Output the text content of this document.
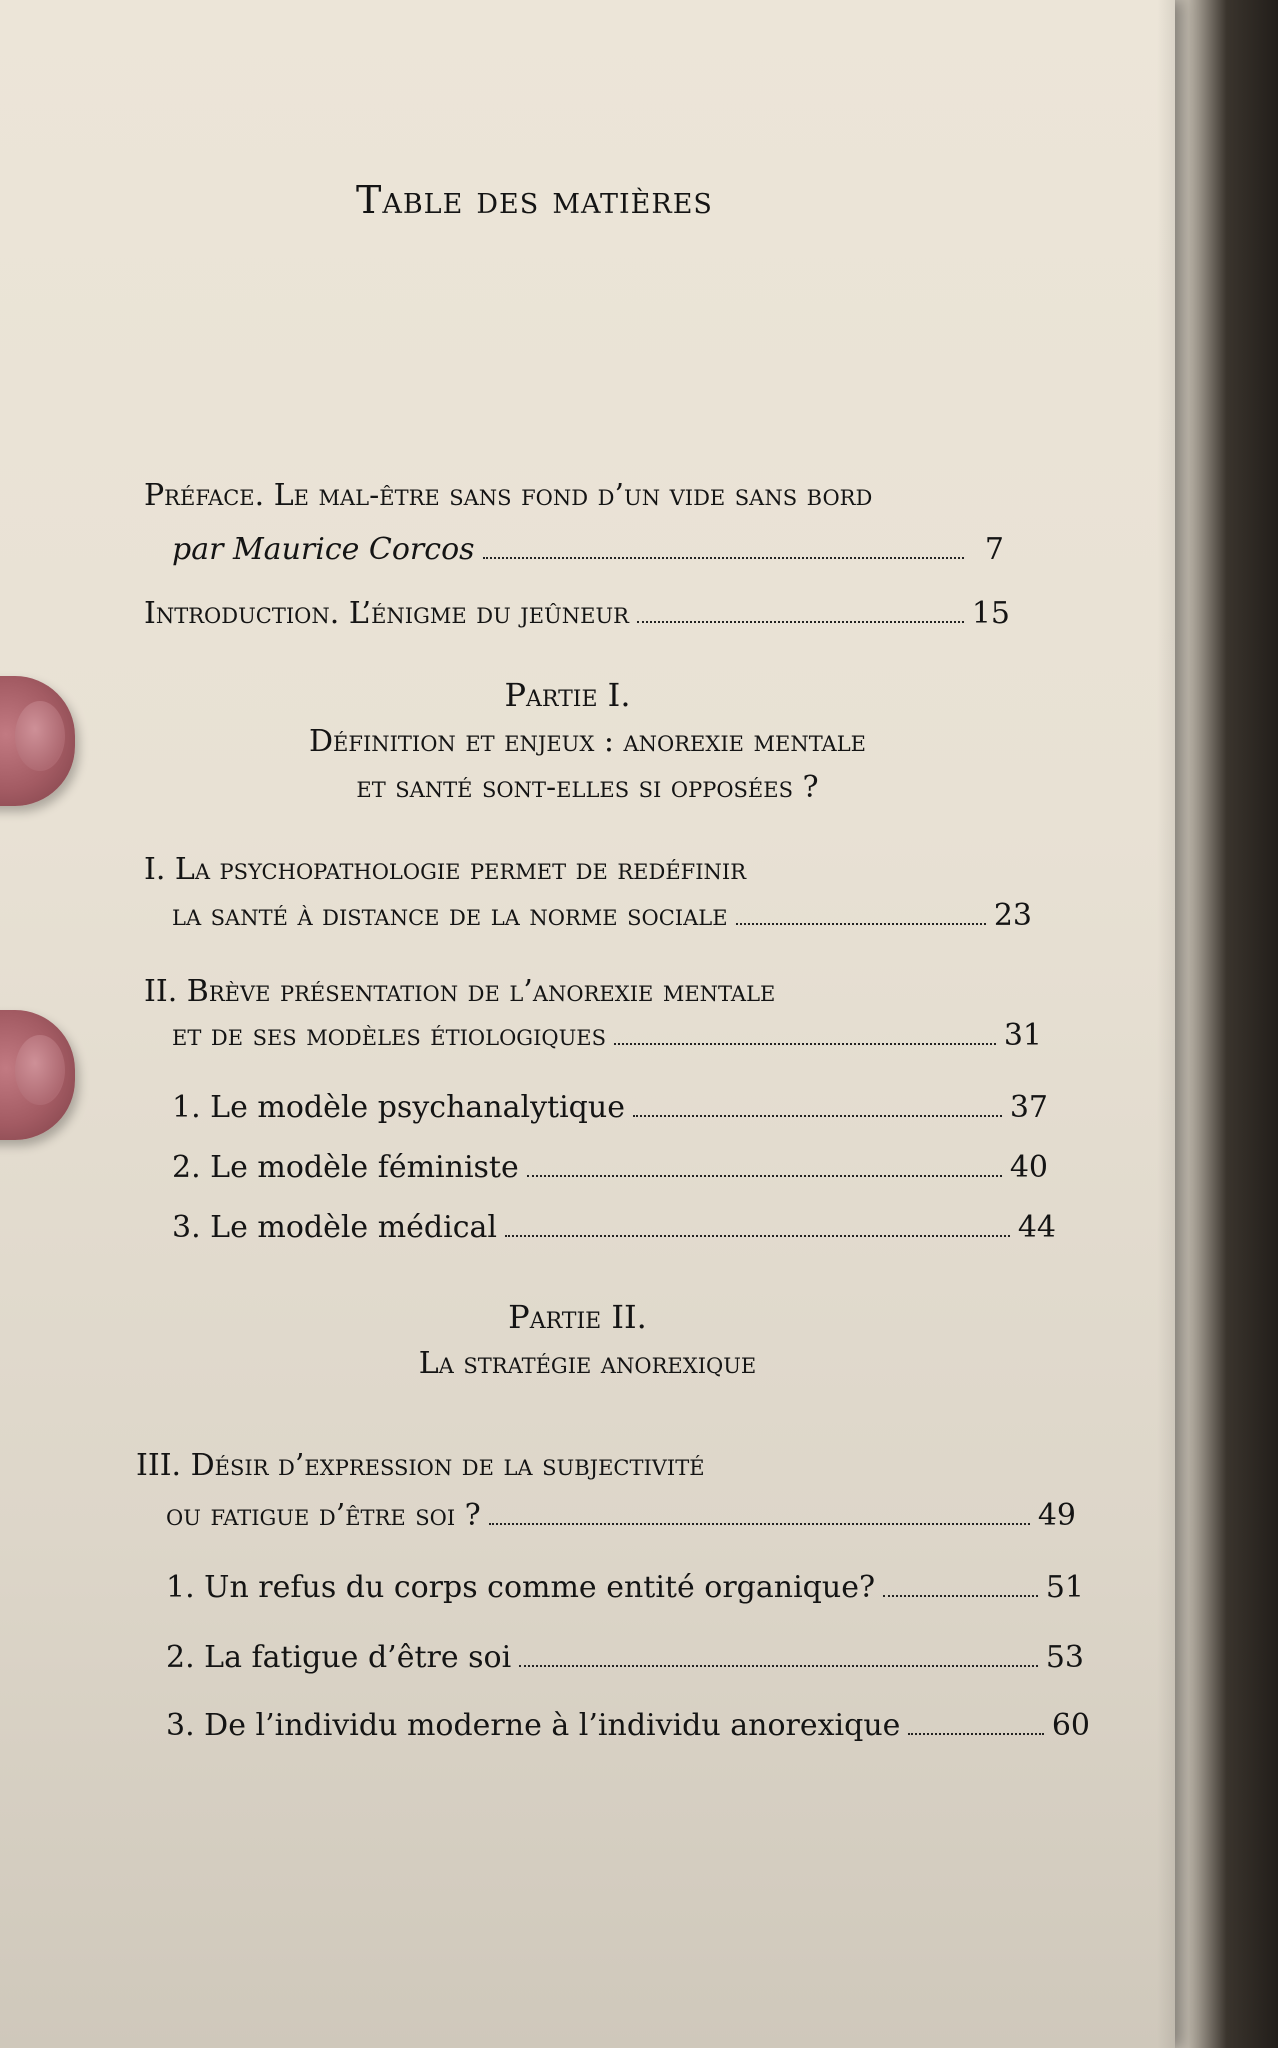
Table des matières
Préface. Le mal-être sans fond d’un vide sans bord
par Maurice Corcos	7
Introduction. L’énigme du jeûneur	15
Partie I.
Définition et enjeux : anorexie mentale
et santé sont-elles si opposées ?
I. La psychopathologie permet de redéfinir
la santé à distance de la norme sociale	23
II. Brève présentation de l’anorexie mentale
et de ses modèles étiologiques	31
1. Le modèle psychanalytique	37
2. Le modèle féministe	40
3. Le modèle médical	44
Partie II.
La stratégie anorexique
III. Désir d’expression de la subjectivité
ou fatigue d’être soi ?	49
1. Un refus du corps comme entité organique?	51
2. La fatigue d’être soi	53
3. De l’individu moderne à l’individu anorexique	60
